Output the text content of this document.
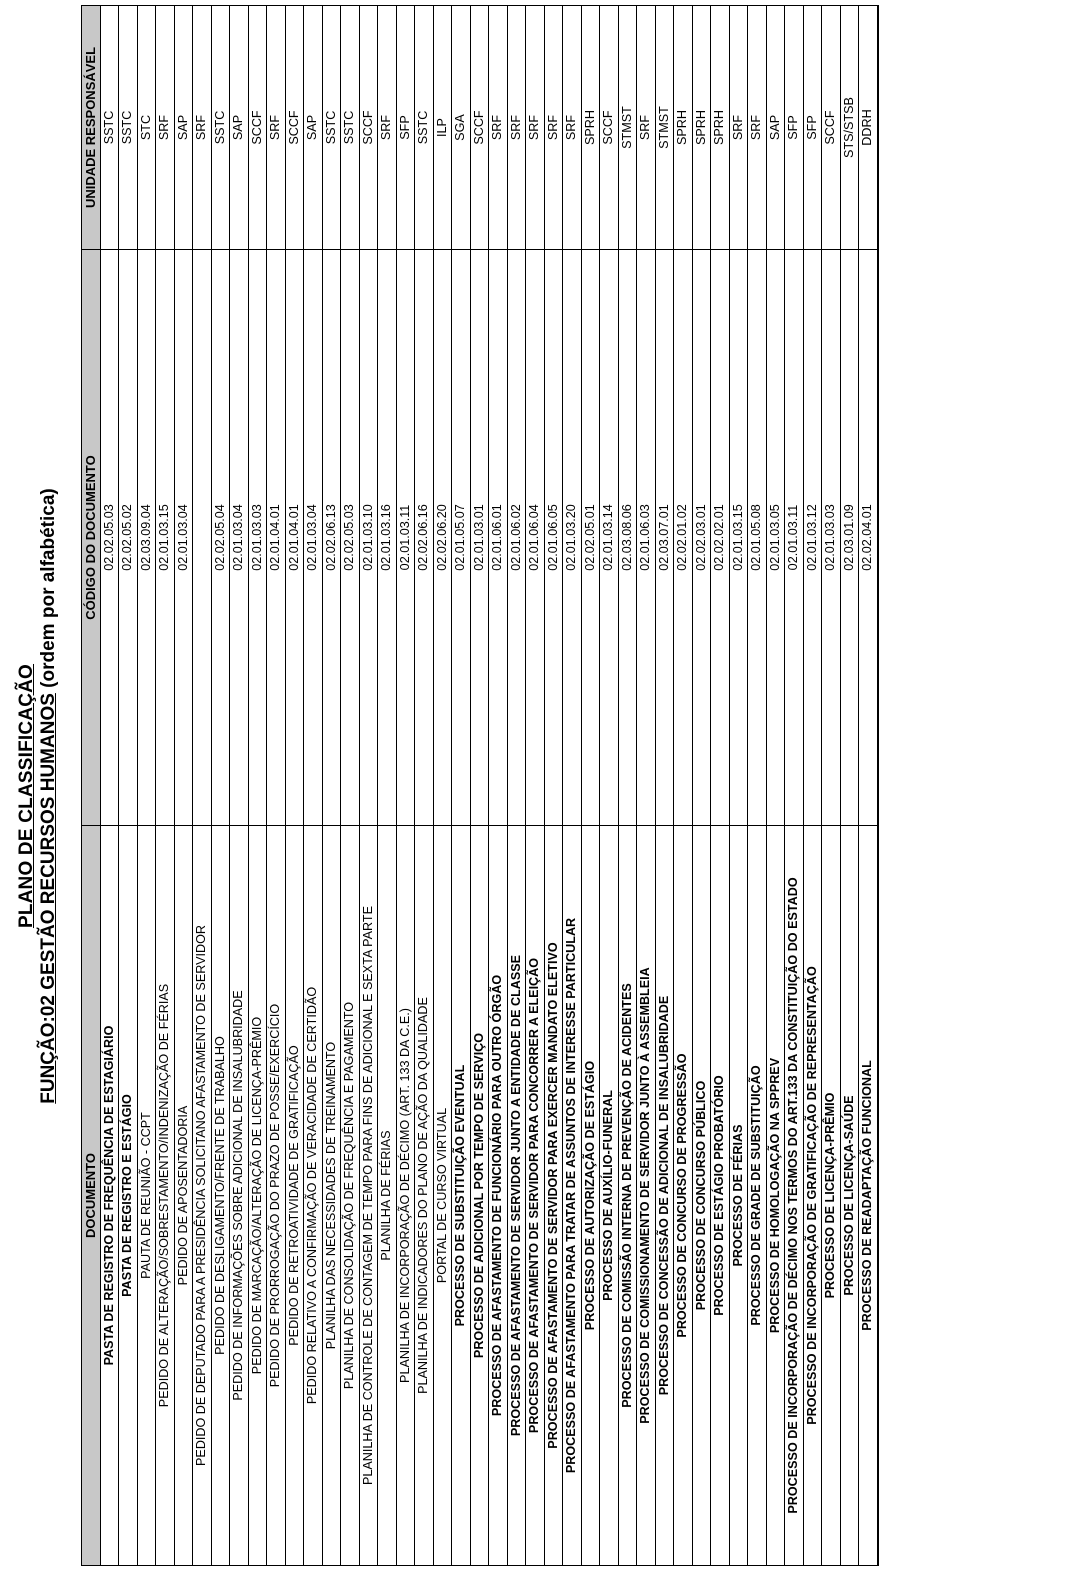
PLANO DE CLASSIFICAÇÃO FUNÇÃO:02 GESTÃO RECURSOS HUMANOS (ordem por alfabética)
DOCUMENTO	CÓDIGO DO DOCUMENTO	UNIDADE RESPONSÁVEL
PASTA DE REGISTRO DE FREQUÊNCIA DE ESTAGIÁRIO	02.02.05.03	SSTC
PASTA DE REGISTRO E ESTÁGIO	02.02.05.02	SSTC
PAUTA DE REUNIÃO - CCPT	02.03.09.04	STC
PEDIDO DE ALTERAÇÃO/SOBRESTAMENTO/INDENIZAÇÃO DE FÉRIAS	02.01.03.15	SRF
PEDIDO DE APOSENTADORIA	02.01.03.04	SAP
PEDIDO DE DEPUTADO PARA A PRESIDÊNCIA SOLICITANO AFASTAMENTO DE SERVIDOR		SRF
PEDIDO DE DESLIGAMENTO/FRENTE DE TRABALHO	02.02.05.04	SSTC
PEDIDO DE INFORMAÇÕES SOBRE ADICIONAL DE INSALUBRIDADE	02.01.03.04	SAP
PEDIDO DE MARCAÇÃO/ALTERAÇÃO DE LICENÇA-PRÊMIO	02.01.03.03	SCCF
PEDIDO DE PRORROGAÇÃO DO PRAZO DE POSSE/EXERCÍCIO	02.01.04.01	SRF
PEDIDO DE RETROATIVIDADE DE GRATIFICAÇÃO	02.01.04.01	SCCF
PEDIDO RELATIVO A CONFIRMAÇÃO DE VERACIDADE DE CERTIDÃO	02.01.03.04	SAP
PLANILHA DAS NECESSIDADES DE TREINAMENTO	02.02.06.13	SSTC
PLANILHA DE CONSOLIDAÇÃO DE FREQUÊNCIA E PAGAMENTO	02.02.05.03	SSTC
PLANILHA DE CONTROLE DE CONTAGEM DE TEMPO PARA FINS DE ADICIONAL E SEXTA PARTE	02.01.03.10	SCCF
PLANILHA DE FÉRIAS	02.01.03.16	SRF
PLANILHA DE INCORPORAÇÃO DE DÉCIMO (ART. 133 DA C.E.)	02.01.03.11	SFP
PLANILHA DE INDICADORES DO PLANO DE AÇÃO DA QUALIDADE	02.02.06.16	SSTC
PORTAL DE CURSO VIRTUAL	02.02.06.20	ILP
PROCESSO DE SUBSTITUIÇÃO EVENTUAL	02.01.05.07	SGA
PROCESSO DE ADICIONAL POR TEMPO DE SERVIÇO	02.01.03.01	SCCF
PROCESSO DE AFASTAMENTO DE FUNCIONÁRIO PARA OUTRO ÓRGÃO	02.01.06.01	SRF
PROCESSO DE AFASTAMENTO DE SERVIDOR JUNTO A ENTIDADE DE CLASSE	02.01.06.02	SRF
PROCESSO DE AFASTAMENTO DE SERVIDOR PARA CONCORRER A ELEIÇÃO	02.01.06.04	SRF
PROCESSO DE AFASTAMENTO DE SERVIDOR PARA EXERCER MANDATO ELETIVO	02.01.06.05	SRF
PROCESSO DE AFASTAMENTO PARA TRATAR DE ASSUNTOS DE INTERESSE PARTICULAR	02.01.03.20	SRF
PROCESSO DE AUTORIZAÇÃO DE ESTÁGIO	02.02.05.01	SPRH
PROCESSO DE AUXÍLIO-FUNERAL	02.01.03.14	SCCF
PROCESSO DE COMISSÃO INTERNA DE PREVENÇÃO DE ACIDENTES	02.03.08.06	STMST
PROCESSO DE COMISSIONAMENTO DE SERVIDOR JUNTO À ASSEMBLEIA	02.01.06.03	SRF
PROCESSO DE CONCESSÃO DE ADICIONAL DE INSALUBRIDADE	02.03.07.01	STMST
PROCESSO DE CONCURSO DE PROGRESSÃO	02.02.01.02	SPRH
PROCESSO DE CONCURSO PÚBLICO	02.02.03.01	SPRH
PROCESSO DE ESTÁGIO PROBATÓRIO	02.02.02.01	SPRH
PROCESSO DE FÉRIAS	02.01.03.15	SRF
PROCESSO DE GRADE DE SUBSTITUIÇÃO	02.01.05.08	SRF
PROCESSO DE HOMOLOGAÇÃO NA SPPREV	02.01.03.05	SAP
PROCESSO DE INCORPORAÇÃO DE DÉCIMO NOS TERMOS DO ART.133 DA CONSTITUIÇÃO DO ESTADO	02.01.03.11	SFP
PROCESSO DE INCORPORAÇÃO DE GRATIFICAÇÃO DE REPRESENTAÇÃO	02.01.03.12	SFP
PROCESSO DE LICENÇA-PRÊMIO	02.01.03.03	SCCF
PROCESSO DE LICENÇA-SAÚDE	02.03.01.09	STS/STSB
PROCESSO DE READAPTAÇÃO FUNCIONAL	02.02.04.01	DDRH
